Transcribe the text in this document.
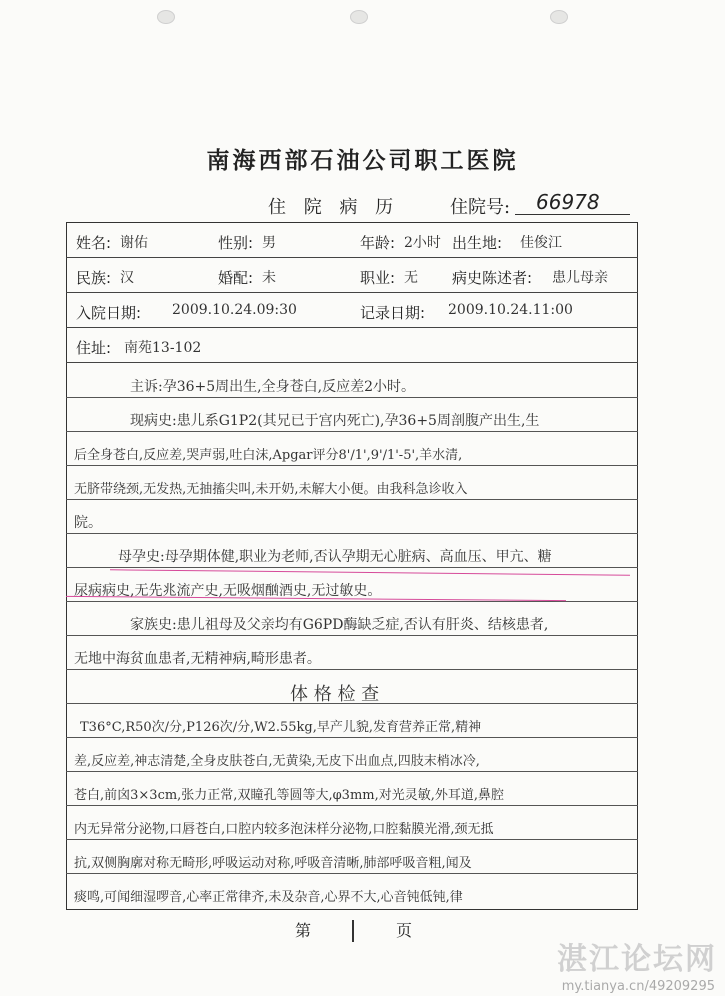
南海西部石油公司职工医院
住 院 病 历	住院号: 66978
姓名: 谢佑	性别: 男	年龄: 2小时 出生地: 佳俊江
民族: 汉	婚配: 未	职业: 无 病史陈述者: 患儿母亲
入院日期: 2009.10.24.09:30	记录日期: 2009.10.24.11:00
住址: 南苑13-102
主诉:孕36+5周出生,全身苍白,反应差2小时。
现病史:患儿系G1P2(其兄已于宫内死亡),孕36+5周剖腹产出生,生
后全身苍白,反应差,哭声弱,吐白沫,Apgar评分8'/1',9'/1'-5',羊水清,
无脐带绕颈,无发热,无抽搐尖叫,未开奶,未解大小便。由我科急诊收入
院。
母孕史:母孕期体健,职业为老师,否认孕期无心脏病、高血压、甲亢、糖
尿病病史,无先兆流产史,无吸烟酗酒史,无过敏史。
家族史:患儿祖母及父亲均有G6PD酶缺乏症,否认有肝炎、结核患者,
无地中海贫血患者,无精神病,畸形患者。
体 格 检 查
T36°C,R50次/分,P126次/分,W2.55kg,早产儿貌,发育营养正常,精神
差,反应差,神志清楚,全身皮肤苍白,无黄染,无皮下出血点,四肢末梢冰冷,
苍白,前囟3×3cm,张力正常,双瞳孔等圆等大,φ3mm,对光灵敏,外耳道,鼻腔
内无异常分泌物,口唇苍白,口腔内较多泡沫样分泌物,口腔黏膜光滑,颈无抵
抗,双侧胸廓对称无畸形,呼吸运动对称,呼吸音清晰,肺部呼吸音粗,闻及
痰鸣,可闻细湿啰音,心率正常律齐,未及杂音,心界不大,心音钝低钝,律
第	页
湛江论坛网
my.tianya.cn/49209295
